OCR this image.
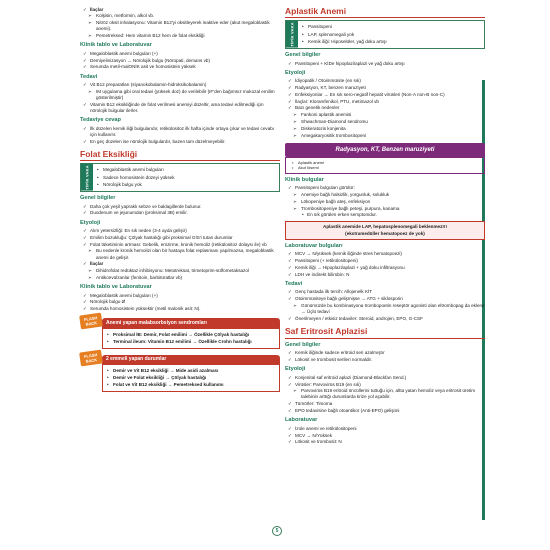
✓ İlaçlar
➢ Kolşisin, metformin, alkol vb.
➢ Nitröz oksit inhalasyonu: Vitamin B12'yi oksitleyerek inaktive eder (akut megaloblastik anemi).
➢ Pemetreksed: Hem vitamin B12 hem de folat eksikliği
Klinik tablo ve Laboratuvar
✓ Megaloblastik anemi bulguları (+)
✓ Demiyelinizasyon → Nörolojik bulgu (Nöropati, demans vb)
✓ Serumda metil-malONİK asit ve homosistein yüksek
Tedavi
✓ Vit B12 preparatları (siyanokobalamin-hidroksikobalamin)
➢ IM uygulama gibi oral tedavi (yüksek doz) de verilebilir (IF'den bağımsız mukozal emilim gösterilmiştir)
✓ Vitamin B12 eksikliğinde de folat verilmesi anemiyi düzeltir, ama tedavi edilmediği için nörolojik bulgular ilerler.
Tedaviye cevap
✓ İlk düzelen kemik iliği bulgularıdır, retikülositoz ilk hafta içinde ortaya çıkar ve tedavi cevabı için kullanılır.
✓ En geç düzelen ise nörolojik bulgulardır, bazen tam düzelmeyebilir.
Folat Eksikliği
TİPİK VAKA	• Megaloblastik anemi bulguları
• Sadece homosistein düzeyi yüksek
• Nörolojik bulgu yok
Genel bilgiler
✓ Daha çok yeşil yapraklı sebze ve baklagillerde bulunur.
✓ Duodenum ve jejunumdan (proksimal 3B) emilir.
Etyoloji
✓ Alım yetersizliği: En sık neden (3-4 ayda gelişir)
✓ Emilim bozukluğu: Çölyak hastalığı gibi proksimal GİS'i tutan durumlar
✓ Folat tüketiminin artması: Gebelik, emzirme, kronik hemoliz (retikülositoz dolaysı ile) vb
➢ Bu nedenle kronik hemolizi olan bir hastaya folat replasmanı yapılmazsa, megaloblastik anemi de gelişir.
✓ İlaçlar
➢ Dihidrofolat redüktaz inhibisyonu: Metotreksat, trimetoprim-sülfometaksazol
➢ Antikonvülzanlar (fenitoin, barbitüratlar vb)
Klinik tablo ve Laboratuvar
✓ Megaloblastik anemi bulguları (+)
✓ Nörolojik bulgu Ø
✓ Serumda homosistein yüksektir (metil malonik asit: N).
FLASH BACK	Anemi yapan malabsorbsiyon sendromları
• Proksimal İB: Demir, Folat emilimi → Özellikle Çölyak hastalığı
• Terminal ileum: Vitamin B12 emilimi → Özellikle Crohn hastalığı
FLASH BACK	2 emmeli yapan durumlar
• Demir ve Vit B12 eksikliği → Mide asidi azalması
• Demir ve Folat eksikliği → Çölyak hastalığı
• Folat ve Vit B12 eksikliği → Pemetreksed kullanımı
Aplastik Anemi
TİPİK VAKA	• Pansitopeni
• LAP, splenomegali yok
• Kemik iliği: Hiposelüler, yağ doku artışı
Genel bilgiler
✓ Pansitopeni + KİDe hipoplazi/aplazi ve yağ doku artışı
Etyoloji
✓ İdiyopatik / Otoimmünite (en sık)
✓ Radyasyon, KT, benzen maruziyeti
✓ Enfeksiyonlar → En sık sero-negatif hepatit virüsleri (Non-A non-B non-C)
✓ İlaçlar: Kloramfenikol, PTU, metimazol vb
✓ Bazı genetik nedenler
➢ Fankoni aplastik anemisi
➢ Shwachman-Diamond sendromu
➢ Diskeratozis konjenita
➢ Amegakaryositik trombositopeni
Radyasyon, KT, Benzen maruziyeti
• Aplastik anemi
• Akut lösemi
Klinik bulgular
✓ Pansitopeni bulguları görülür:
➢ Anemiye bağlı halsizlik, yorgunluk, solukluk
➢ Lökopeniye bağlı ateş, enfeksiyon
➢ Trombositopeniye bağlı peteşi, purpura, kanama
• En sık görülen erken semptomdur.
Aplastik anemide LAP, hepatosplenomegali beklenmez!!!
(ekstramedüller hematopoez de yok)
Laboratuvar bulguları
✓ MCV → N/yüksek (kemik iliğinde stres hematopoezi)
✓ Pansitopeni (+ retikülositopeni)
✓ Kemik iliği → Hipoplazi/aplazi + yağ doku infiltrasyonu
✓ LDH ve indirekt bilirübin: N
Tedavi
✓ Genç hastada ilk tercih: Allojenelk KİT
✓ Otoimmüniteye bağlı gelişmişse → ATG + siklosporin
➢ Günümüzde bu kombinasyona trombopoetin reseptör agonisti olan eltrombopag da eklenir → Üçlü tedavi
✓ Önerilmeyen / etkisiz tedaviler: Steroid, androjen, EPO, G-CSF
Saf Eritrosit Aplazisi
Genel bilgiler
✓ Kemik iliğinde sadece eritroid seri azalmıştır
✓ Lökosit ve trombosit serileri normaldir.
Etyoloji
✓ Konjenital saf eritroid aplazi (Diamond-Blackfan Send.)
✓ Virüsler: Parvovirüs B19 (en sık)
➢ Parvovirüs B19 eritroid öncüllerini tuttuğu için, altta yatan hemoliz veya eritrosit üretim talebinin arttığı durumlarda krize yol açabilir.
✓ Tümörler: Timoma
✓ EPO tedavisine bağlı otoantikor (Anti-EPO) gelişimi
Laboratuvar
✓ İzole anemi ve retikülositopeni
✓ MCV → N/Yüksek
✓ Lökosit ve trombosit: N
5
